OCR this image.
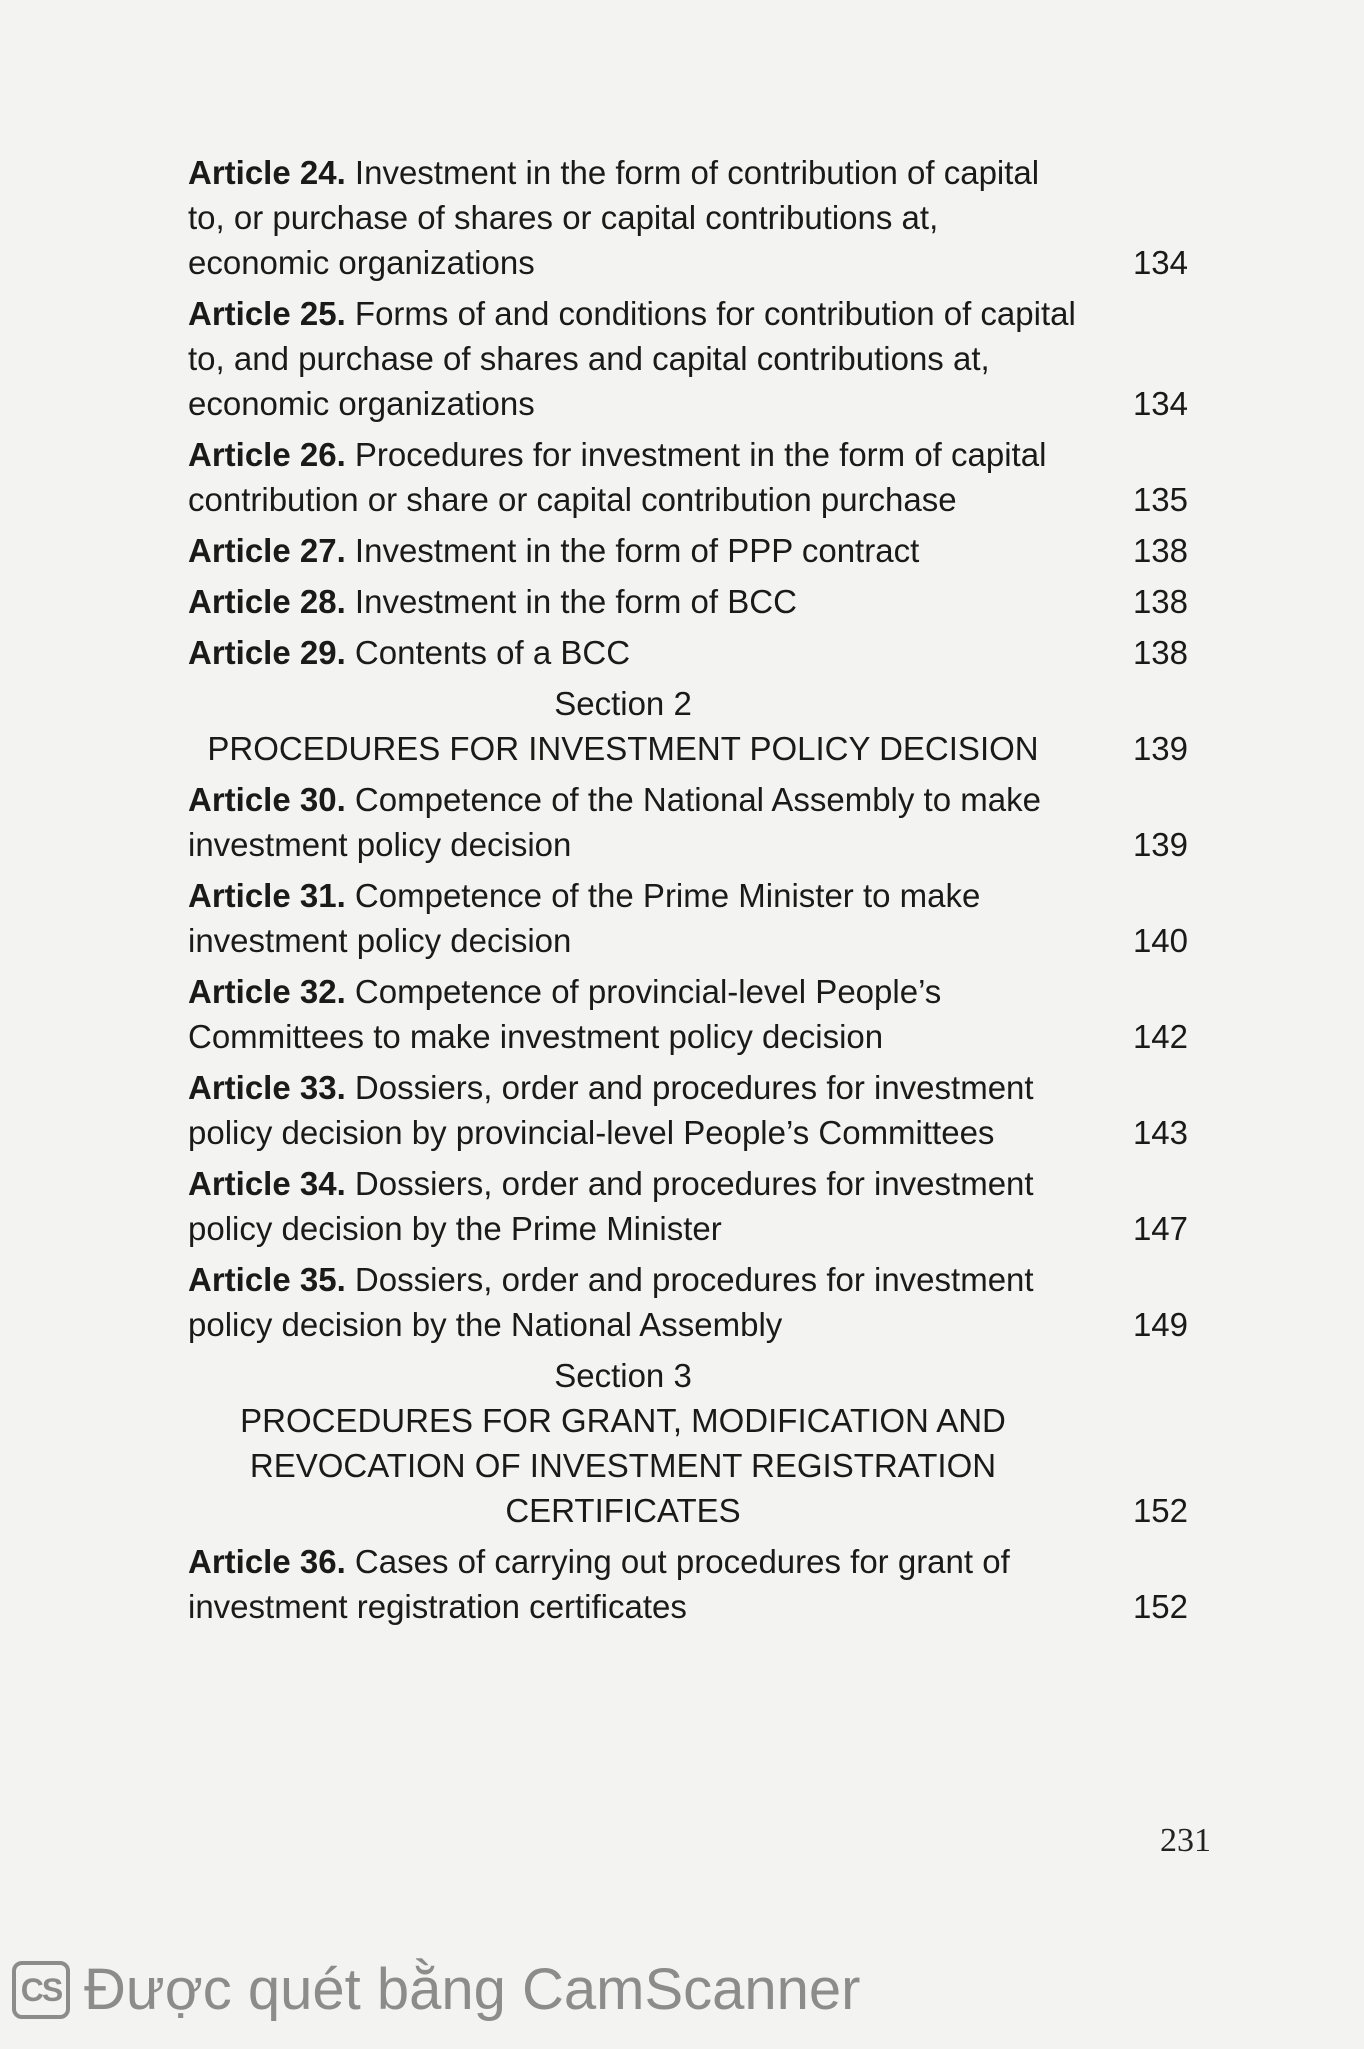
Article 24. Investment in the form of contribution of capital to, or purchase of shares or capital contributions at, economic organizations	134
Article 25. Forms of and conditions for contribution of capital to, and purchase of shares and capital contributions at, economic organizations	134
Article 26. Procedures for investment in the form of capital contribution or share or capital contribution purchase	135
Article 27. Investment in the form of PPP contract	138
Article 28. Investment in the form of BCC	138
Article 29. Contents of a BCC	138
Section 2
PROCEDURES FOR INVESTMENT POLICY DECISION	139
Article 30. Competence of the National Assembly to make investment policy decision	139
Article 31. Competence of the Prime Minister to make investment policy decision	140
Article 32. Competence of provincial-level People’s Committees to make investment policy decision	142
Article 33. Dossiers, order and procedures for investment policy decision by provincial-level People’s Committees	143
Article 34. Dossiers, order and procedures for investment policy decision by the Prime Minister	147
Article 35. Dossiers, order and procedures for investment policy decision by the National Assembly	149
Section 3
PROCEDURES FOR GRANT, MODIFICATION AND REVOCATION OF INVESTMENT REGISTRATION CERTIFICATES	152
Article 36. Cases of carrying out procedures for grant of investment registration certificates	152
231
CS Được quét bằng CamScanner
